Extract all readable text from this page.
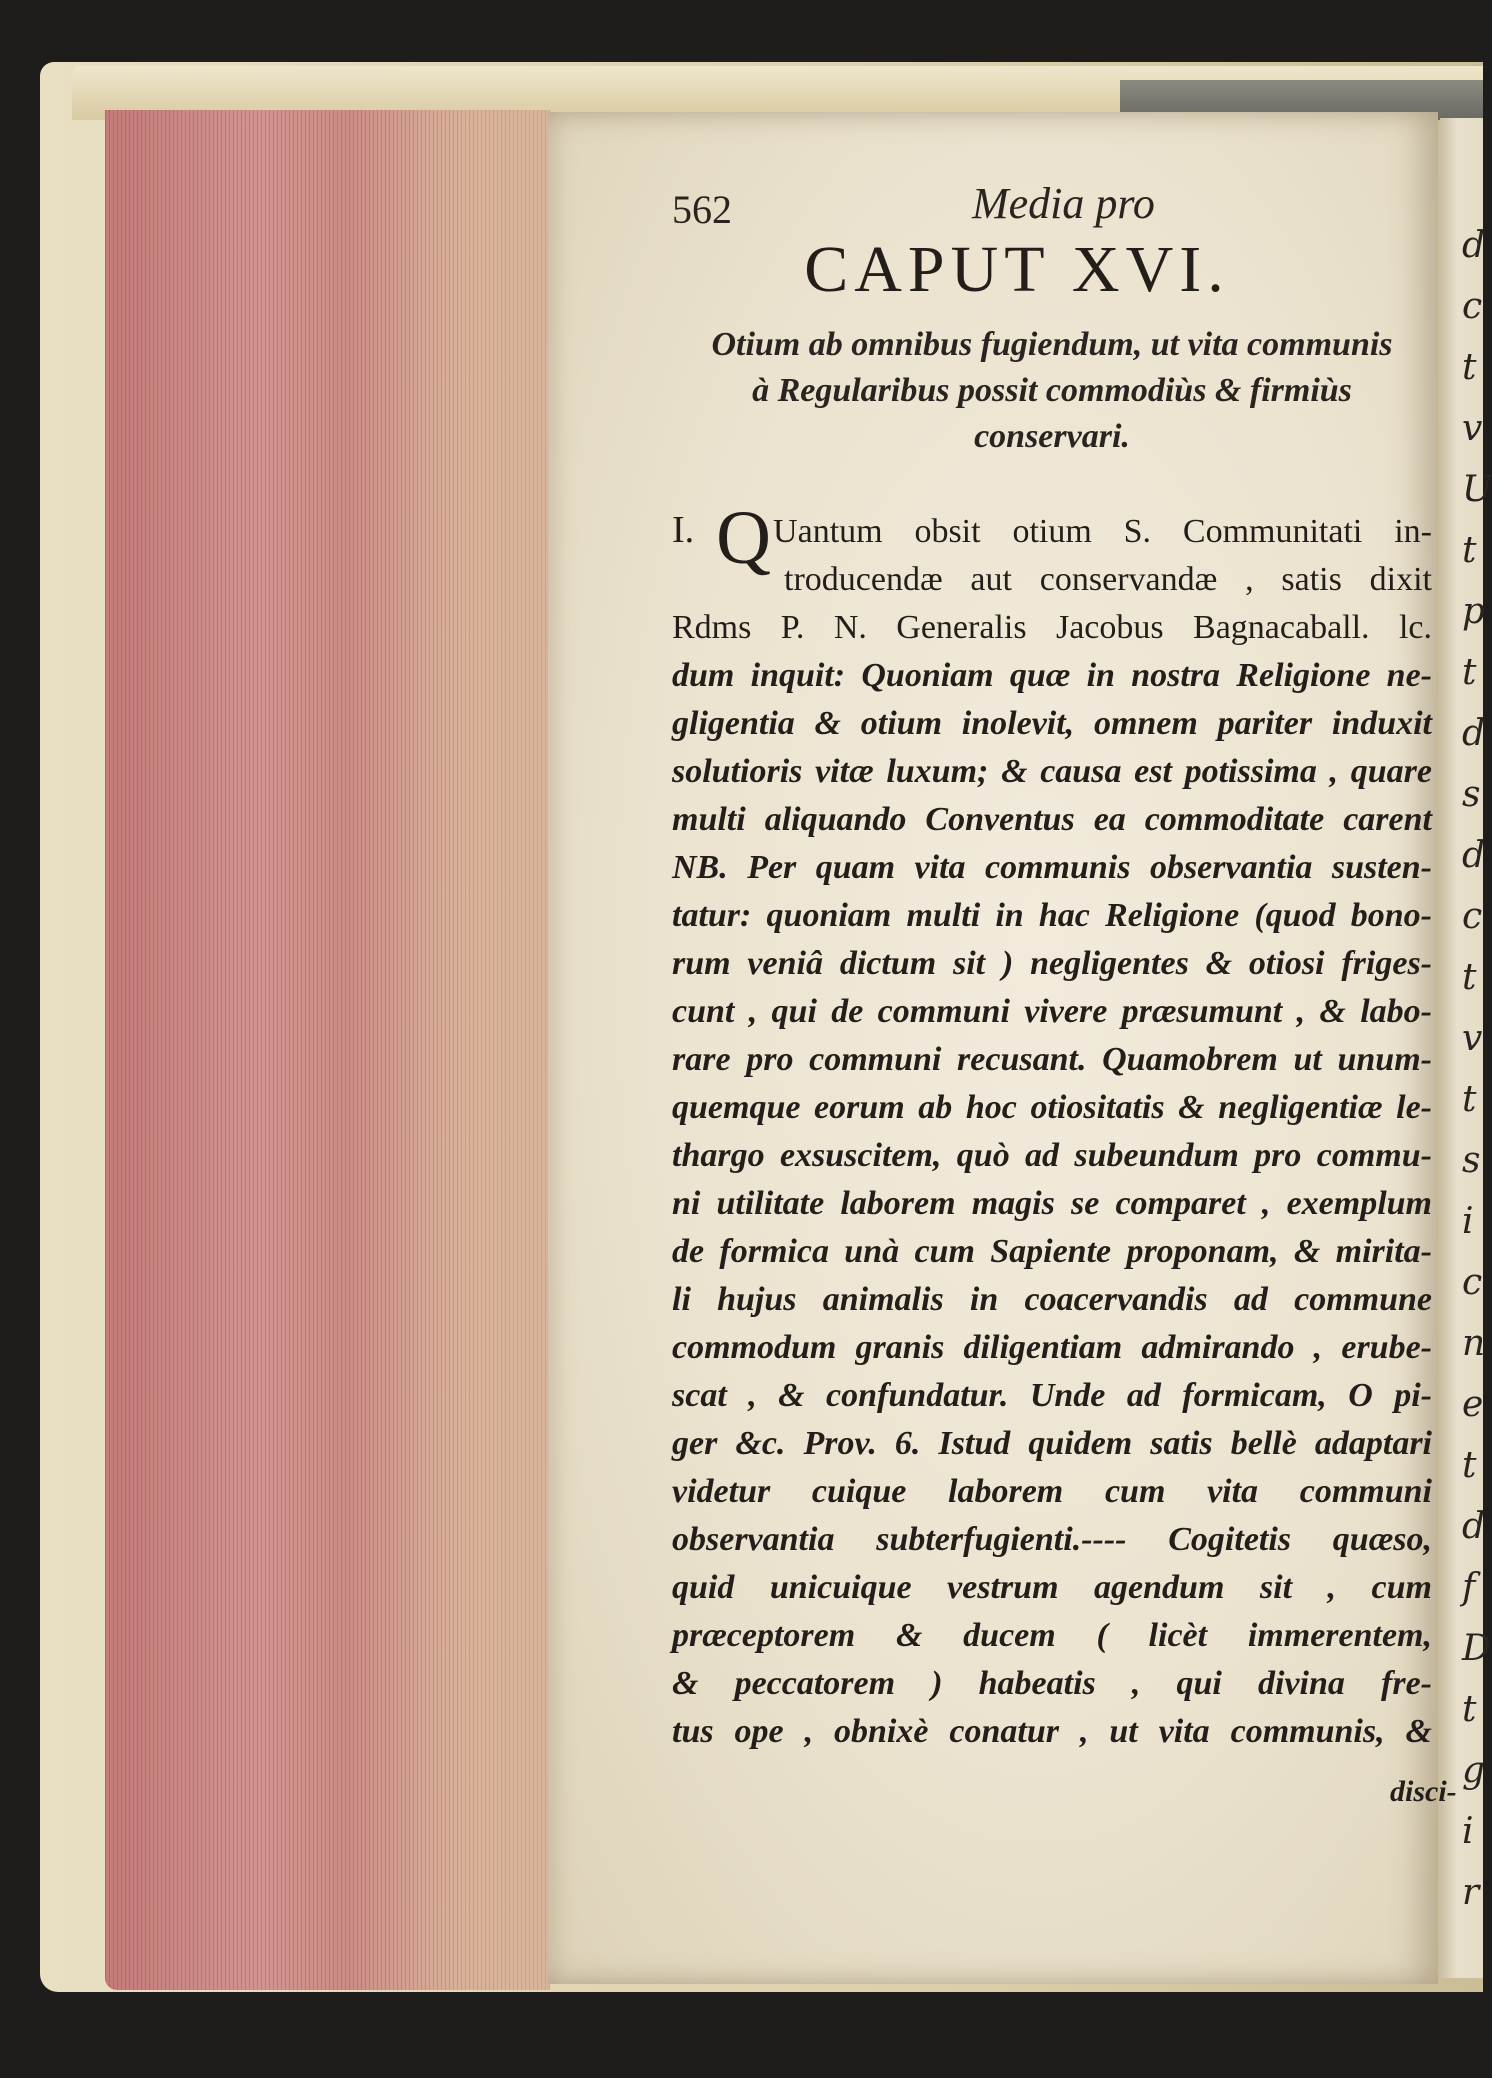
d
c
t
v
U
t
p
t
d
s
d
c
t
v
t
s
i
c
n
e
t
d
f
D
t
g
i
r
562	Media pro
CAPUT XVI.
Otium ab omnibus fugiendum, ut vita communis
à Regularibus possit commodiùs & firmiùs
conservari.
I. Q Uantum obsit otium S. Communitati in-
troducendæ aut conservandæ , satis dixit
Rdms P. N. Generalis Jacobus Bagnacaball. lc.
dum inquit: Quoniam quæ in nostra Religione ne-
gligentia & otium inolevit, omnem pariter induxit
solutioris vitæ luxum; & causa est potissima , quare
multi aliquando Conventus ea commoditate carent
NB. Per quam vita communis observantia susten-
tatur: quoniam multi in hac Religione (quod bono-
rum veniâ dictum sit ) negligentes & otiosi friges-
cunt , qui de communi vivere præsumunt , & labo-
rare pro communi recusant. Quamobrem ut unum-
quemque eorum ab hoc otiositatis & negligentiæ le-
thargo exsuscitem, quò ad subeundum pro commu-
ni utilitate laborem magis se comparet , exemplum
de formica unà cum Sapiente proponam, & mirita-
li hujus animalis in coacervandis ad commune
commodum granis diligentiam admirando , erube-
scat , & confundatur. Unde ad formicam, O pi-
ger &c. Prov. 6. Istud quidem satis bellè adaptari
videtur cuique laborem cum vita communi
observantia subterfugienti.---- Cogitetis quæso,
quid unicuique vestrum agendum sit , cum
præceptorem & ducem ( licèt immerentem,
& peccatorem ) habeatis , qui divina fre-
tus ope , obnixè conatur , ut vita communis, &
disci-
